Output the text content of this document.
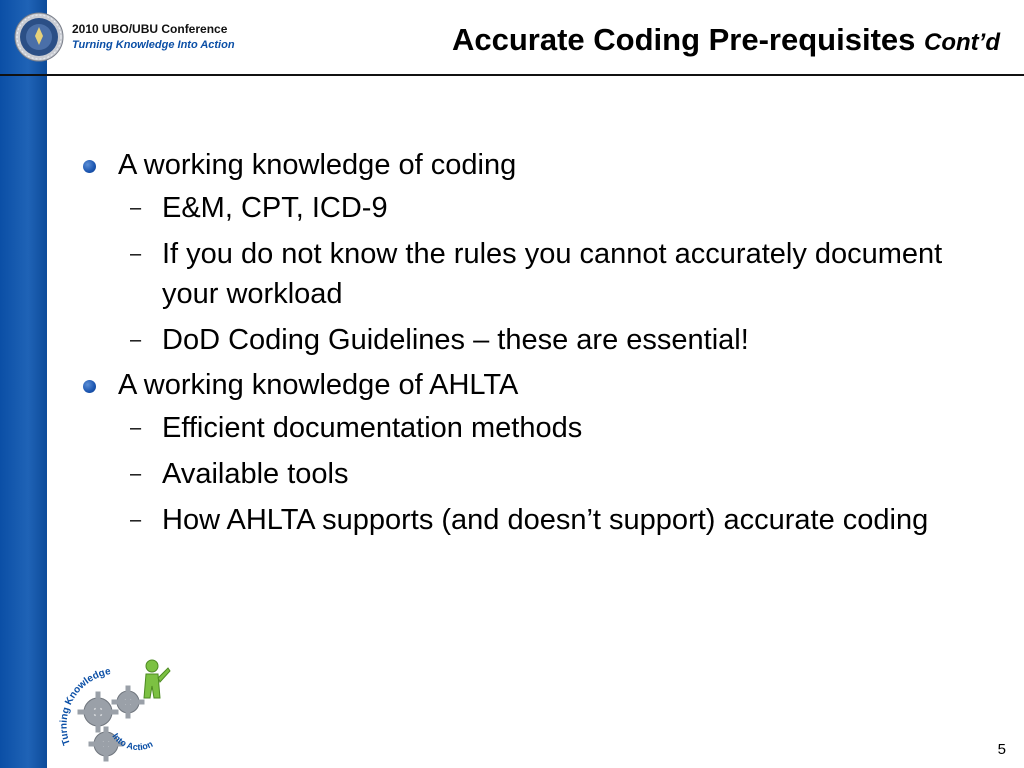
2010 UBO/UBU Conference
Turning Knowledge Into Action	Accurate Coding Pre-requisites Cont’d
A working knowledge of coding
– E&M, CPT, ICD-9
– If you do not know the rules you cannot accurately document your workload
– DoD Coding Guidelines – these are essential!
A working knowledge of AHLTA
– Efficient documentation methods
– Available tools
– How AHLTA supports (and doesn’t support) accurate coding
Turning Knowledge
Into Action	5
